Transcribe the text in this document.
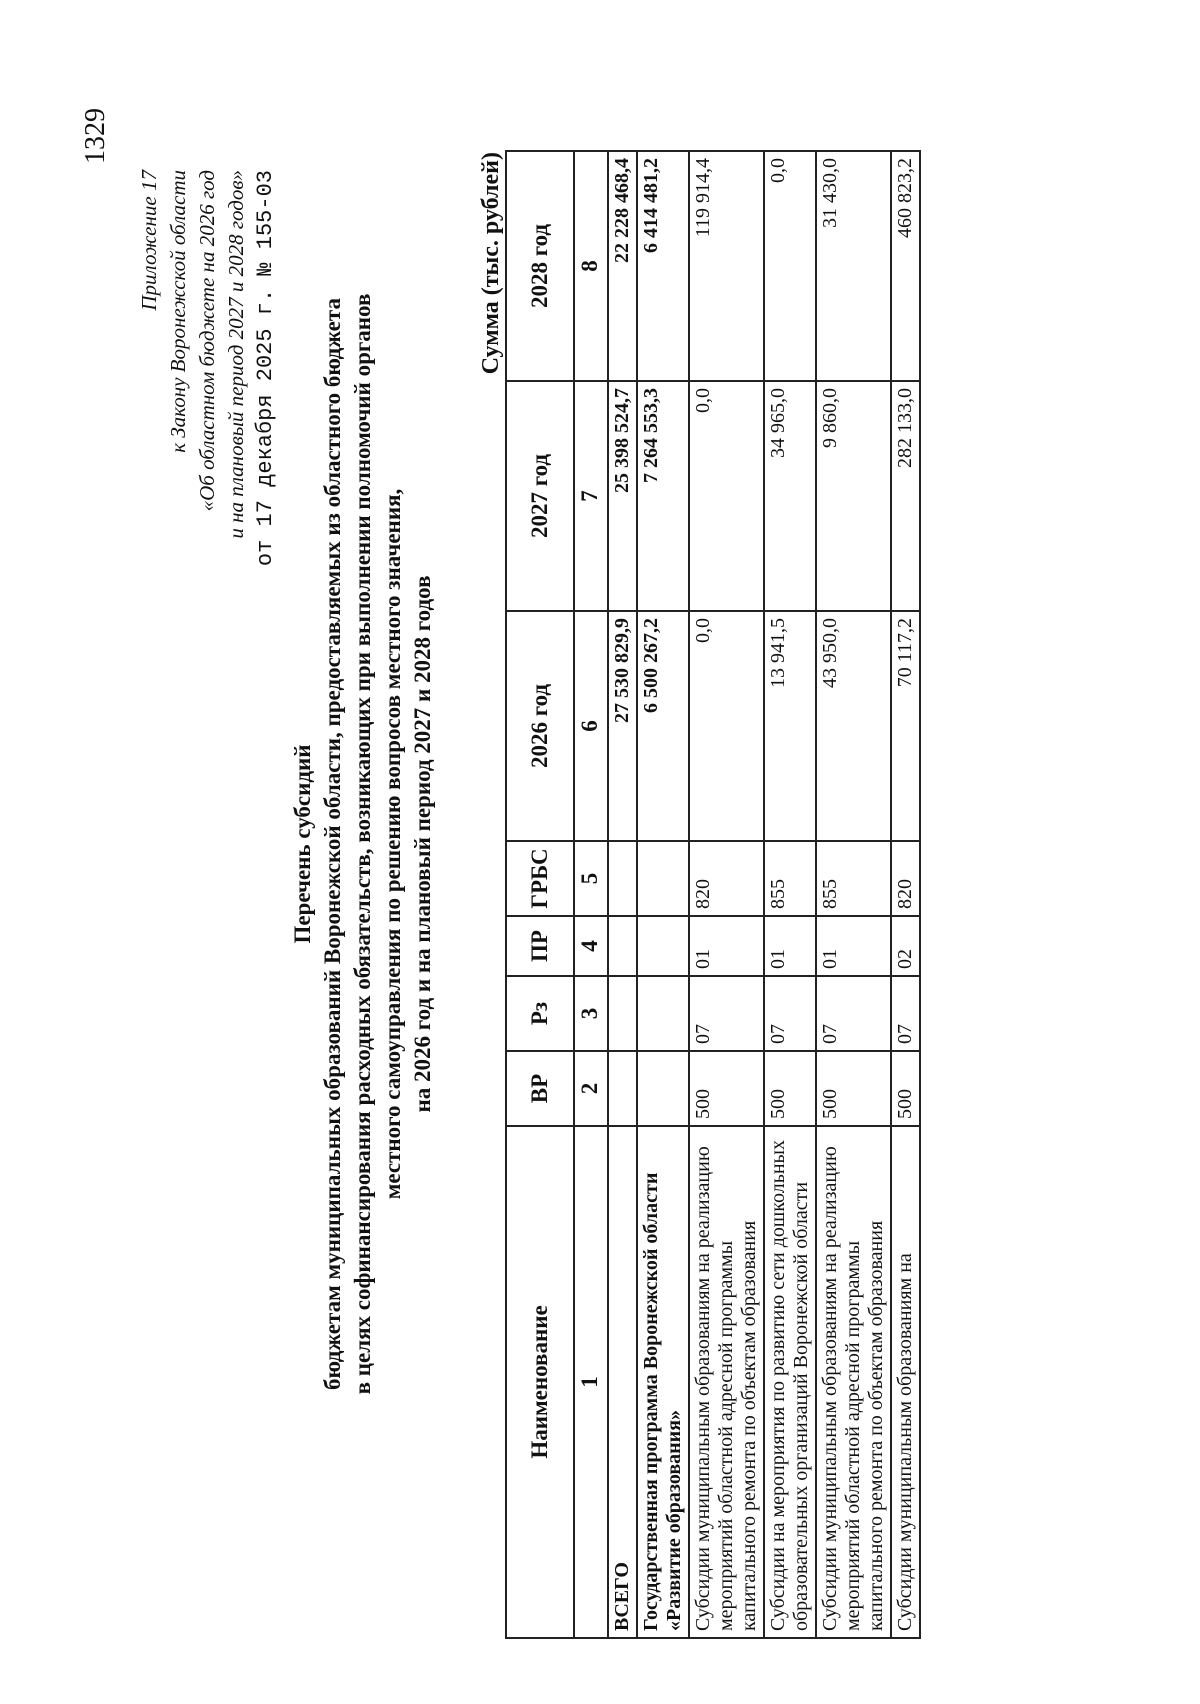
1329
Приложение 17 к Закону Воронежской области «Об областном бюджете на 2026 год и на плановый период 2027 и 2028 годов» от 17 декабря 2025 г. № 155-03
Перечень субсидий бюджетам муниципальных образований Воронежской области, предоставляемых из областного бюджета в целях софинансирования расходных обязательств, возникающих при выполнении полномочий органов местного самоуправления по решению вопросов местного значения, на 2026 год и на плановый период 2027 и 2028 годов
Сумма (тыс. рублей)
Наименование	ВР	Рз	ПР	ГРБС	2026 год	2027 год	2028 год
1	2	3	4	5	6	7	8
ВСЕГО					27 530 829,9	25 398 524,7	22 228 468,4
Государственная программа Воронежской области «Развитие образования»					6 500 267,2	7 264 553,3	6 414 481,2
Субсидии муниципальным образованиям на реализацию мероприятий областной адресной программы капитального ремонта по объектам образования	500	07	01	820	0,0	0,0	119 914,4
Субсидии на мероприятия по развитию сети дошкольных образовательных организаций Воронежской области	500	07	01	855	13 941,5	34 965,0	0,0
Субсидии муниципальным образованиям на реализацию мероприятий областной адресной программы капитального ремонта по объектам образования	500	07	01	855	43 950,0	9 860,0	31 430,0
Субсидии муниципальным образованиям на	500	07	02	820	70 117,2	282 133,0	460 823,2
